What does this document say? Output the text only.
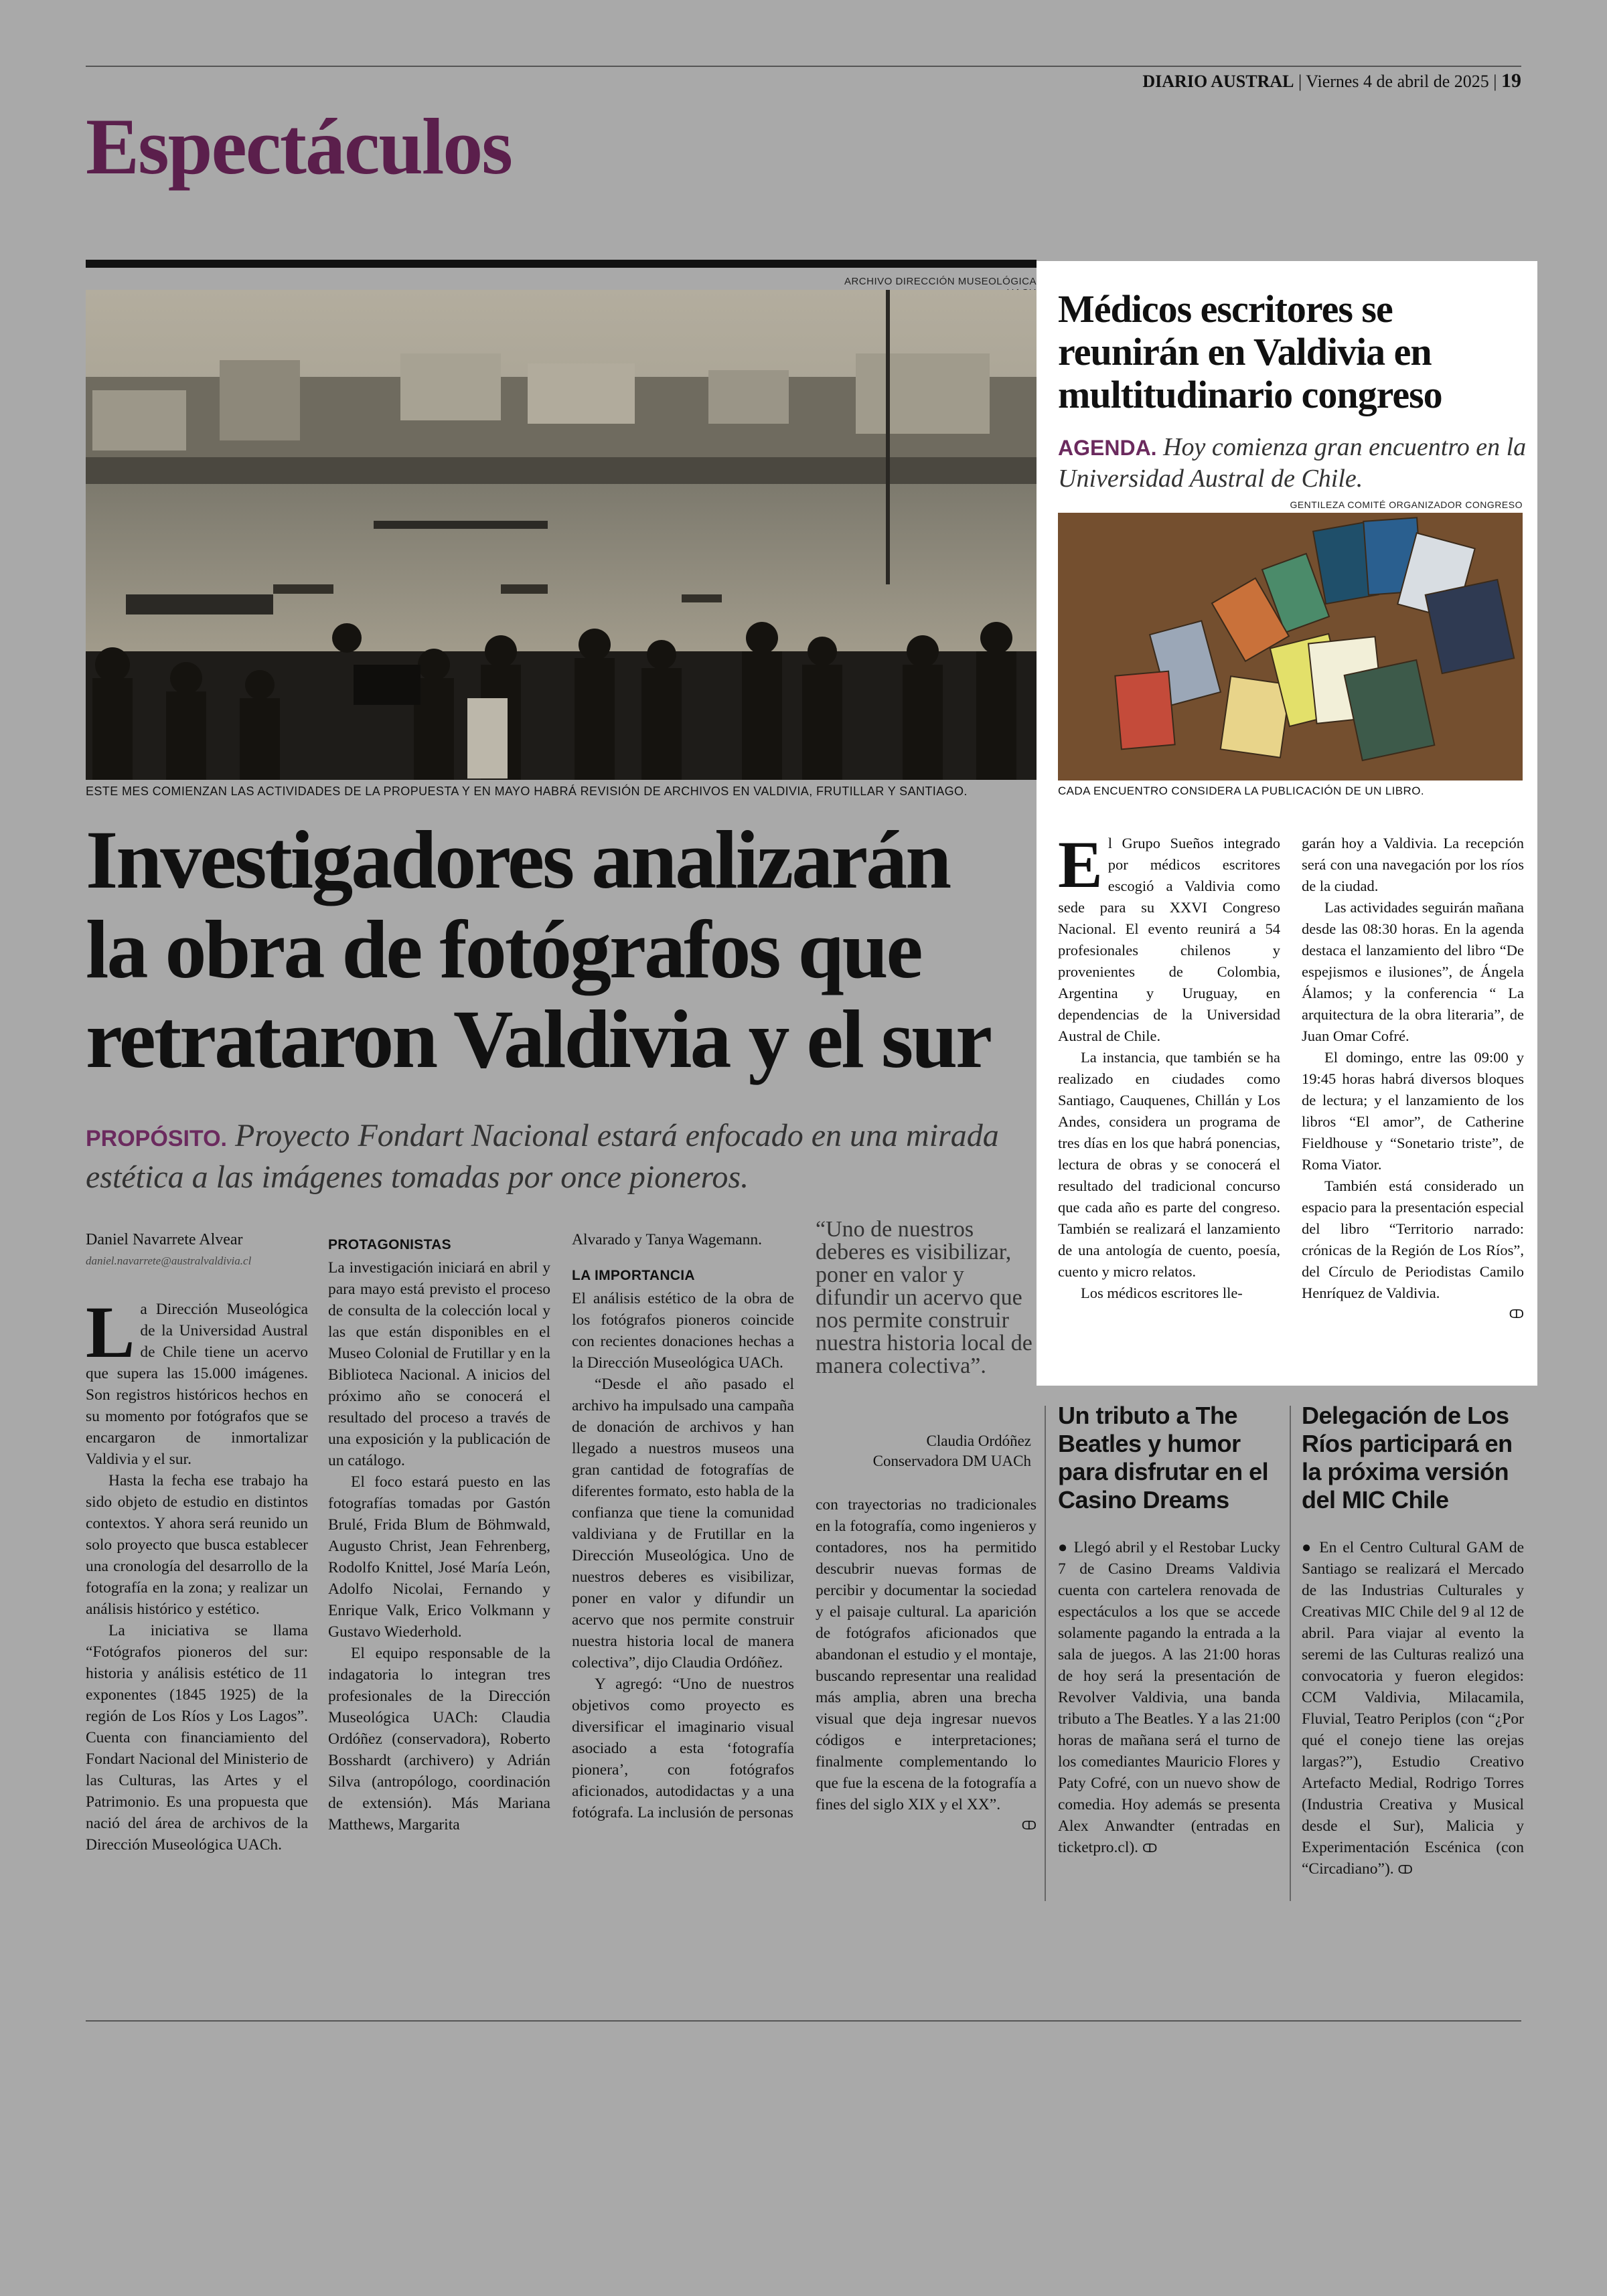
DIARIO AUSTRAL | Viernes 4 de abril de 2025 | 19
Espectáculos
ARCHIVO DIRECCIÓN MUSEOLÓGICA
ESTE MES COMIENZAN LAS ACTIVIDADES DE LA PROPUESTA Y EN MAYO HABRÁ REVISIÓN DE ARCHIVOS EN VALDIVIA, FRUTILLAR Y SANTIAGO.
Investigadores analizarán
la obra de fotógrafos que
retrataron Valdivia y el sur
PROPÓSITO. Proyecto Fondart Nacional estará enfocado en una mirada estética a las imágenes tomadas por once pioneros.
Daniel Navarrete Alvear
daniel.navarrete@australvaldivia.cl

La Dirección Museológica de la Universidad Austral de Chile tiene un acervo que supera las 15.000 imágenes. Son registros históricos hechos en su momento por fotógrafos que se encargaron de inmortalizar Valdivia y el sur.

Hasta la fecha ese trabajo ha sido objeto de estudio en distintos contextos. Y ahora será reunido un solo proyecto que busca establecer una cronología del desarrollo de la fotografía en la zona; y realizar un análisis histórico y estético.

La iniciativa se llama “Fotógrafos pioneros del sur: historia y análisis estético de 11 exponentes (1845 1925) de la región de Los Ríos y Los Lagos”. Cuenta con financiamiento del Fondart Nacional del Ministerio de las Culturas, las Artes y el Patrimonio. Es una propuesta que nació del área de archivos de la Dirección Museológica UACh.

PROTAGONISTAS

La investigación iniciará en abril y para mayo está previsto el proceso de consulta de la colección local y las que están disponibles en el Museo Colonial de Frutillar y en la Biblioteca Nacional. A inicios del próximo año se conocerá el resultado del proceso a través de una exposición y la publicación de un catálogo.

El foco estará puesto en las fotografías tomadas por Gastón Brulé, Frida Blum de Böhmwald, Augusto Christ, Jean Fehrenberg, Rodolfo Knittel, José María León, Adolfo Nicolai, Fernando y Enrique Valk, Erico Volkmann y Gustavo Wiederhold.

El equipo responsable de la indagatoria lo integran tres profesionales de la Dirección Museológica UACh: Claudia Ordóñez (conservadora), Roberto Bosshardt (archivero) y Adrián Silva (antropólogo, coordinación de extensión). Más Mariana Matthews, Margarita

Alvarado y Tanya Wagemann.

LA IMPORTANCIA

El análisis estético de la obra de los fotógrafos pioneros coincide con recientes donaciones hechas a la Dirección Museológica UACh.

“Desde el año pasado el archivo ha impulsado una campaña de donación de archivos y han llegado a nuestros museos una gran cantidad de fotografías de diferentes formato, esto habla de la confianza que tiene la comunidad valdiviana y de Frutillar en la Dirección Museológica. Uno de nuestros deberes es visibilizar, poner en valor y difundir un acervo que nos permite construir nuestra historia local de manera colectiva”, dijo Claudia Ordóñez.

Y agregó: “Uno de nuestros objetivos como proyecto es diversificar el imaginario visual asociado a esta ‘fotografía pionera’, con fotógrafos aficionados, autodidactas y a una fotógrafa. La inclusión de personas

“Uno de nuestros deberes es visibilizar, poner en valor y difundir un acervo que nos permite construir nuestra historia local de manera colectiva”.
Claudia Ordóñez
Conservadora DM UACh

con trayectorias no tradicionales en la fotografía, como ingenieros y contadores, nos ha permitido descubrir nuevas formas de percibir y documentar la sociedad y el paisaje cultural. La aparición de fotógrafos aficionados que abandonan el estudio y el montaje, buscando representar una realidad más amplia, abren una brecha visual que deja ingresar nuevos códigos e interpretaciones; finalmente complementando lo que fue la escena de la fotografía a fines del siglo XIX y el XX”.

ↀ
Médicos escritores se reunirán en Valdivia en multitudinario congreso
AGENDA. Hoy comienza gran encuentro en la Universidad Austral de Chile.
GENTILEZA COMITÉ ORGANIZADOR CONGRESO
CADA ENCUENTRO CONSIDERA LA PUBLICACIÓN DE UN LIBRO.

El Grupo Sueños integrado por médicos escritores escogió a Valdivia como sede para su XXVI Congreso Nacional. El evento reunirá a 54 profesionales chilenos y provenientes de Colombia, Argentina y Uruguay, en dependencias de la Universidad Austral de Chile.

La instancia, que también se ha realizado en ciudades como Santiago, Cauquenes, Chillán y Los Andes, considera un programa de tres días en los que habrá ponencias, lectura de obras y se conocerá el resultado del tradicional concurso que cada año es parte del congreso. También se realizará el lanzamiento de una antología de cuento, poesía, cuento y micro relatos.

Los médicos escritores lle-

garán hoy a Valdivia. La recepción será con una navegación por los ríos de la ciudad.

Las actividades seguirán mañana desde las 08:30 horas. En la agenda destaca el lanzamiento del libro “De espejismos e ilusiones”, de Ángela Álamos; y la conferencia “ La arquitectura de la obra literaria”, de Juan Omar Cofré.

El domingo, entre las 09:00 y 19:45 horas habrá diversos bloques de lectura; y el lanzamiento de los libros “El amor”, de Catherine Fieldhouse y “Sonetario triste”, de Roma Viator.

También está considerado un espacio para la presentación especial del libro “Territorio narrado: crónicas de la Región de Los Ríos”, del Círculo de Periodistas Camilo Henríquez de Valdivia.

ↀ
Un tributo a The Beatles y humor para disfrutar en el Casino Dreams
● Llegó abril y el Restobar Lucky 7 de Casino Dreams Valdivia cuenta con cartelera renovada de espectáculos a los que se accede solamente pagando la entrada a la sala de juegos. A las 21:00 horas de hoy será la presentación de Revolver Valdivia, una banda tributo a The Beatles. Y a las 21:00 horas de mañana será el turno de los comediantes Mauricio Flores y Paty Cofré, con un nuevo show de comedia. Hoy además se presenta Alex Anwandter (entradas en ticketpro.cl). ↀ
Delegación de Los Ríos participará en la próxima versión del MIC Chile
● En el Centro Cultural GAM de Santiago se realizará el Mercado de las Industrias Culturales y Creativas MIC Chile del 9 al 12 de abril. Para viajar al evento la seremi de las Culturas realizó una convocatoria y fueron elegidos: CCM Valdivia, Milacamila, Fluvial, Teatro Periplos (con “¿Por qué el conejo tiene las orejas largas?”), Estudio Creativo Artefacto Medial, Rodrigo Torres (Industria Creativa y Musical desde el Sur), Malicia y Experimentación Escénica (con “Circadiano”). ↀ
